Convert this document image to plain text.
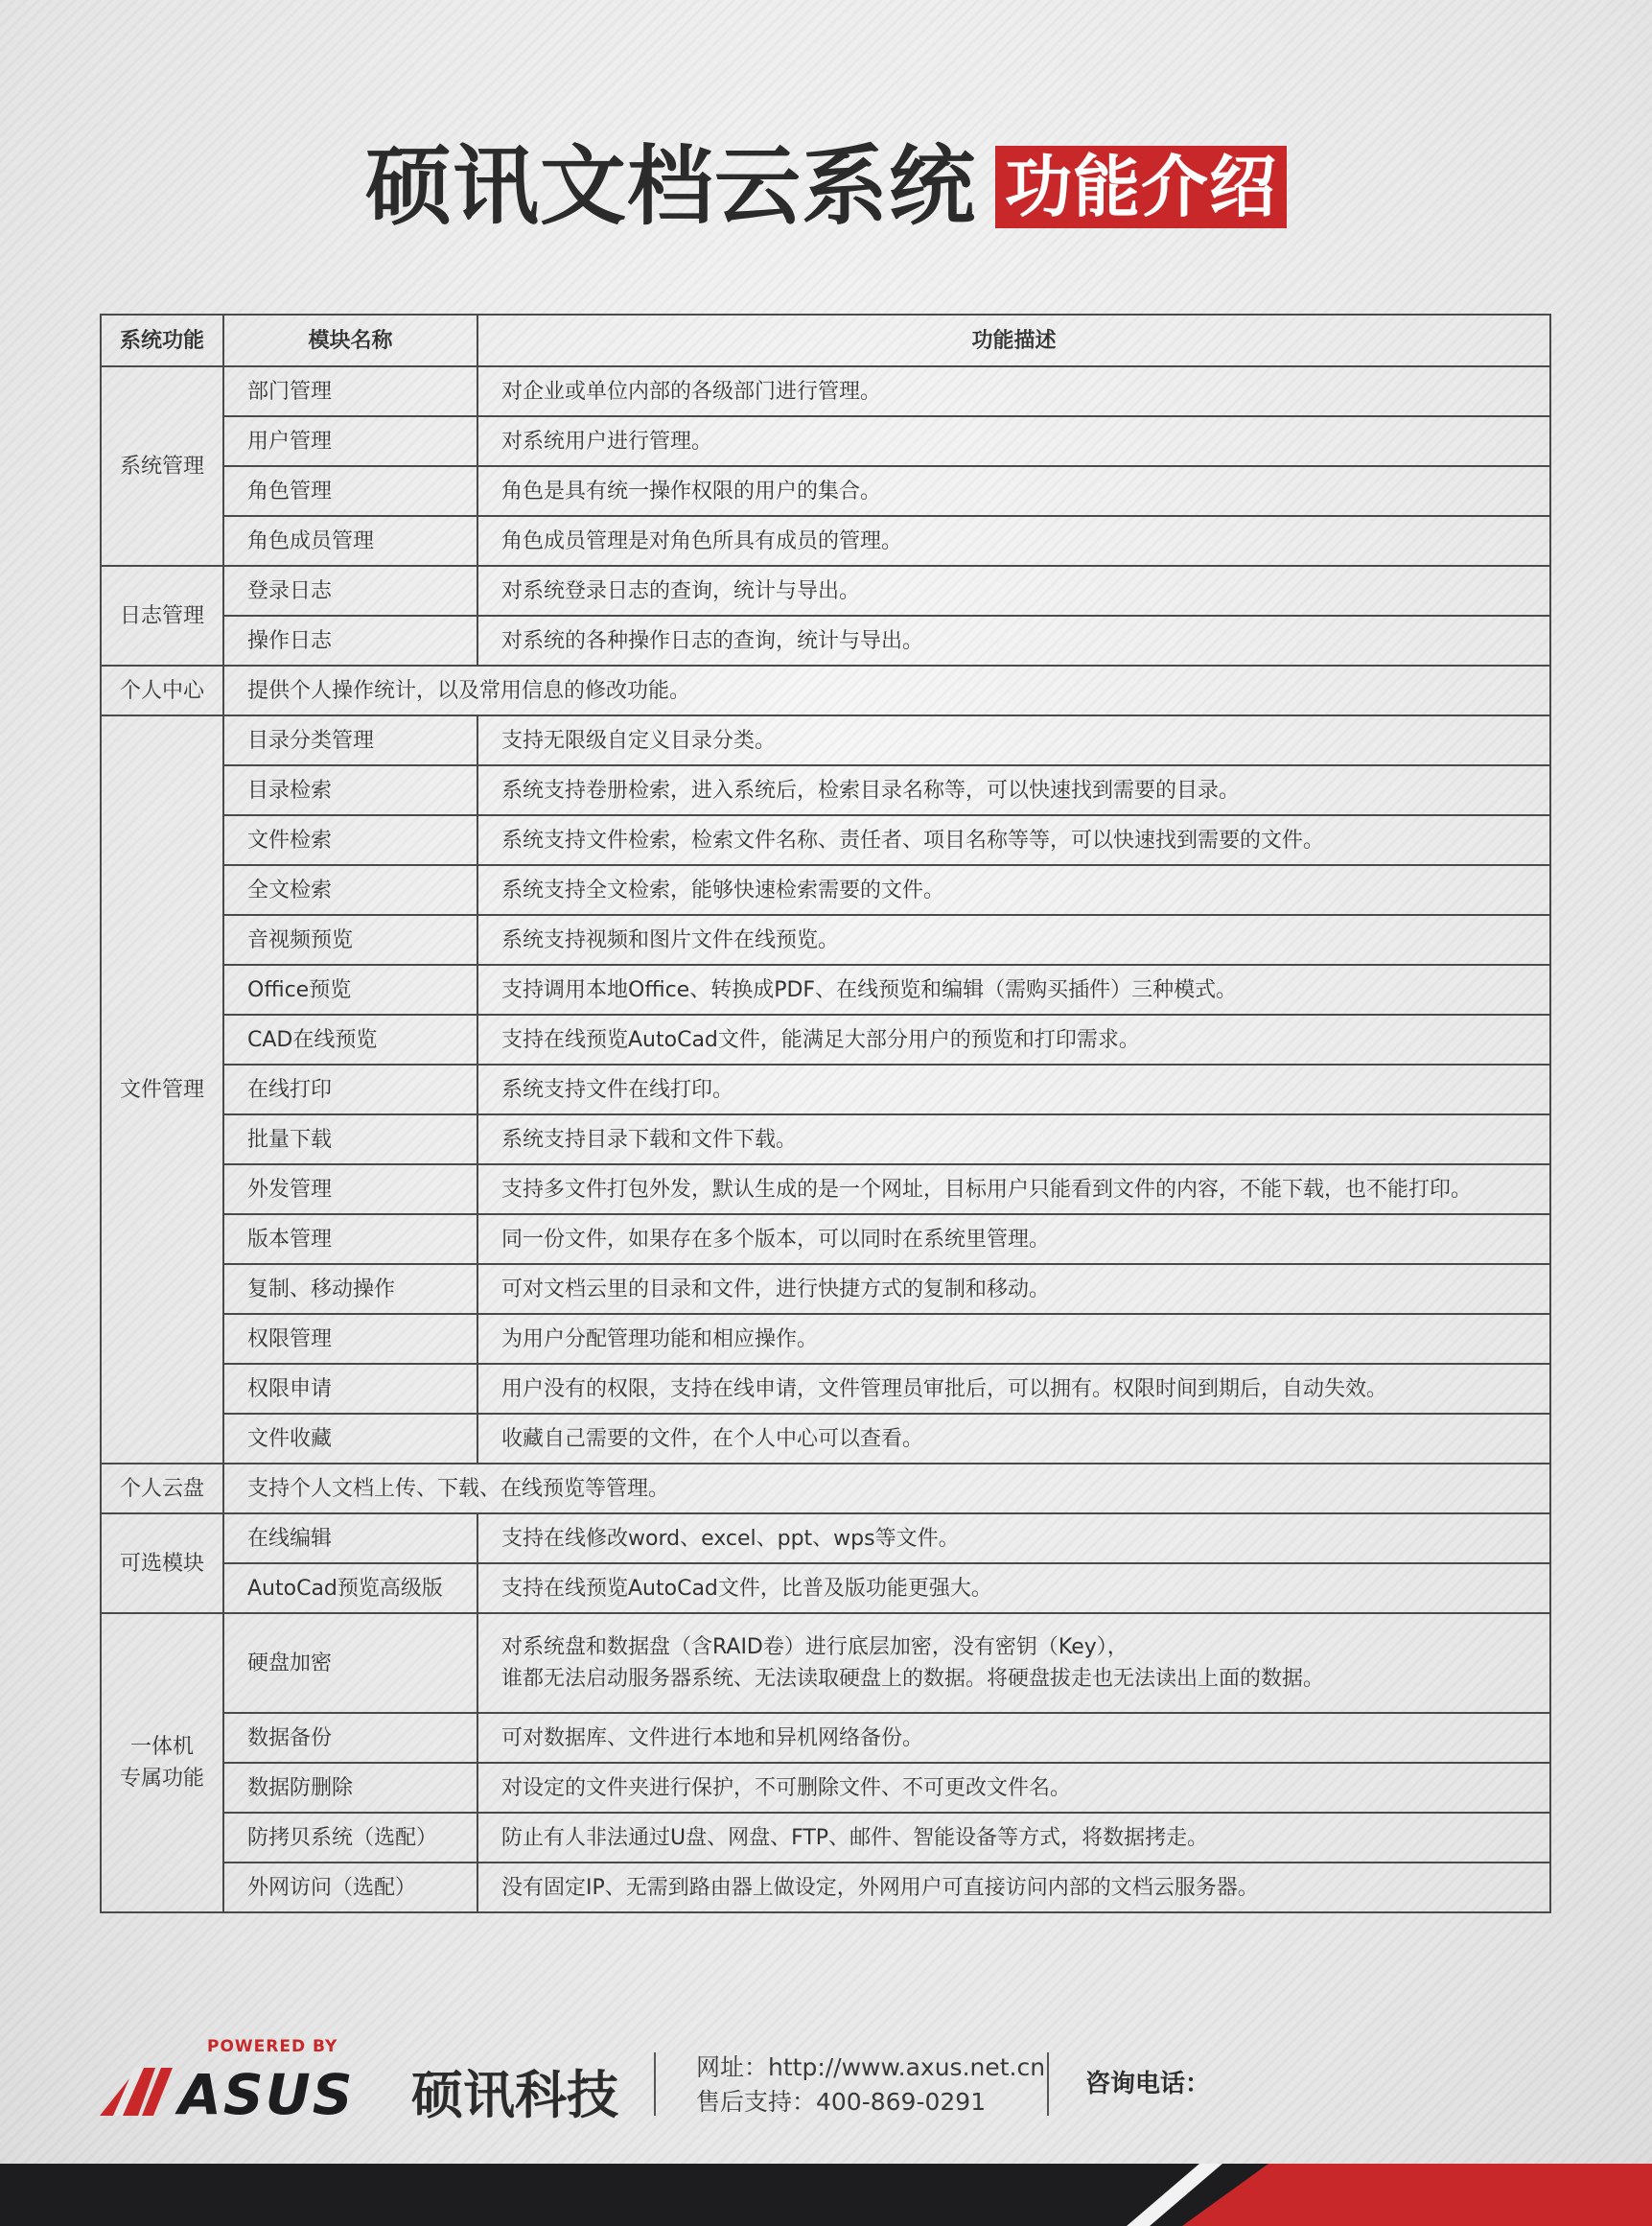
硕讯文档云系统 功能介绍
系统功能	模块名称	功能描述
系统管理	部门管理	对企业或单位内部的各级部门进行管理。
	用户管理	对系统用户进行管理。
	角色管理	角色是具有统一操作权限的用户的集合。
	角色成员管理	角色成员管理是对角色所具有成员的管理。
日志管理	登录日志	对系统登录日志的查询，统计与导出。
	操作日志	对系统的各种操作日志的查询，统计与导出。
个人中心	提供个人操作统计，以及常用信息的修改功能。	
文件管理	目录分类管理	支持无限级自定义目录分类。
	目录检索	系统支持卷册检索，进入系统后，检索目录名称等，可以快速找到需要的目录。
	文件检索	系统支持文件检索，检索文件名称、责任者、项目名称等等，可以快速找到需要的文件。
	全文检索	系统支持全文检索，能够快速检索需要的文件。
	音视频预览	系统支持视频和图片文件在线预览。
	Office预览	支持调用本地Office、转换成PDF、在线预览和编辑（需购买插件）三种模式。
	CAD在线预览	支持在线预览AutoCad文件，能满足大部分用户的预览和打印需求。
	在线打印	系统支持文件在线打印。
	批量下载	系统支持目录下载和文件下载。
	外发管理	支持多文件打包外发，默认生成的是一个网址，目标用户只能看到文件的内容，不能下载，也不能打印。
	版本管理	同一份文件，如果存在多个版本，可以同时在系统里管理。
	复制、移动操作	可对文档云里的目录和文件，进行快捷方式的复制和移动。
	权限管理	为用户分配管理功能和相应操作。
	权限申请	用户没有的权限，支持在线申请，文件管理员审批后，可以拥有。权限时间到期后，自动失效。
	文件收藏	收藏自己需要的文件，在个人中心可以查看。
个人云盘	支持个人文档上传、下载、在线预览等管理。	
可选模块	在线编辑	支持在线修改word、excel、ppt、wps等文件。
	AutoCad预览高级版	支持在线预览AutoCad文件，比普及版功能更强大。
一体机
专属功能	硬盘加密	对系统盘和数据盘（含RAID卷）进行底层加密，没有密钥（Key），
谁都无法启动服务器系统、无法读取硬盘上的数据。将硬盘拔走也无法读出上面的数据。
	数据备份	可对数据库、文件进行本地和异机网络备份。
	数据防删除	对设定的文件夹进行保护，不可删除文件、不可更改文件名。
	防拷贝系统（选配）	防止有人非法通过U盘、网盘、FTP、邮件、智能设备等方式，将数据拷走。
	外网访问（选配）	没有固定IP、无需到路由器上做设定，外网用户可直接访问内部的文档云服务器。
POWERED BY
ASUS 硕讯科技	网址：http://www.axus.net.cn
售后支持：400-869-0291
咨询电话：
